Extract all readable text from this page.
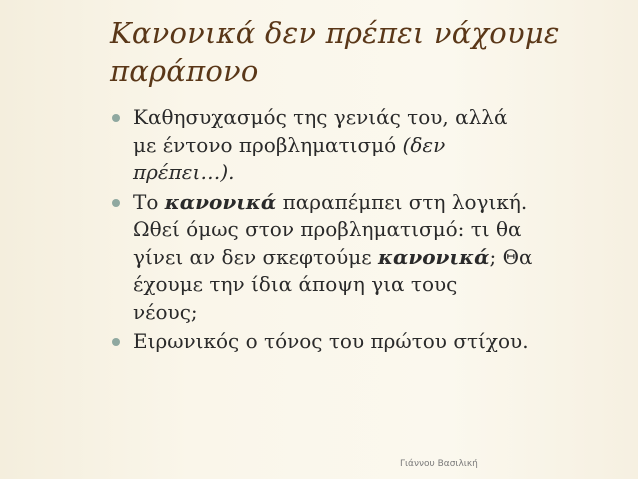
Κανονικά δεν πρέπει νάχουμε
παράπονο
Καθησυχασμός της γενιάς του, αλλά
με έντονο προβληματισμό (δεν
πρέπει…).
Το κανονικά παραπέμπει στη λογική.
Ωθεί όμως στον προβληματισμό: τι θα
γίνει αν δεν σκεφτούμε κανονικά; Θα
έχουμε την ίδια άποψη για τους
νέους;
Ειρωνικός ο τόνος του πρώτου στίχου.
Γιάννου Βασιλική
